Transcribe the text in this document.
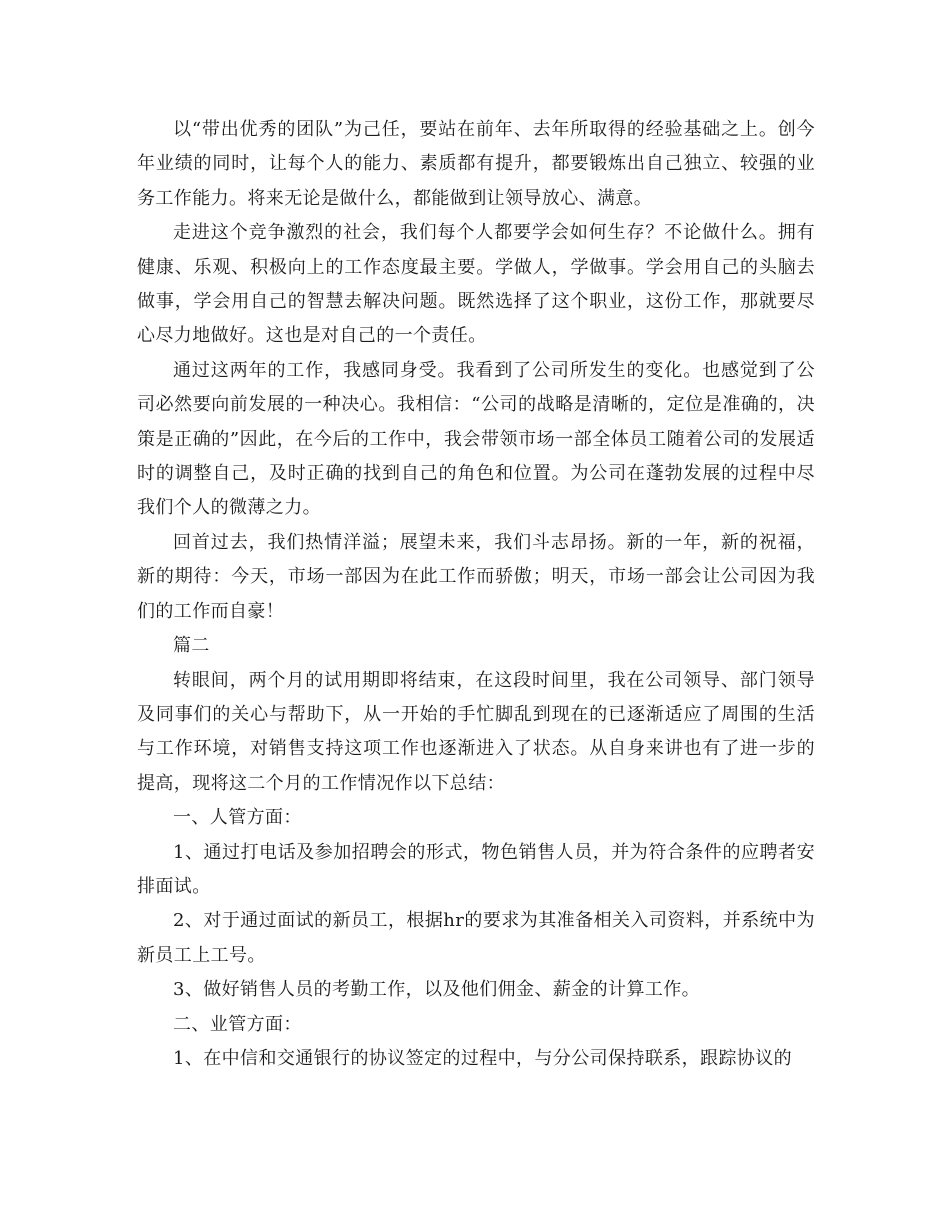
以“带出优秀的团队”为己任，要站在前年、去年所取得的经验基础之上。创今年业绩的同时，让每个人的能力、素质都有提升，都要锻炼出自己独立、较强的业务工作能力。将来无论是做什么，都能做到让领导放心、满意。

走进这个竞争激烈的社会，我们每个人都要学会如何生存？不论做什么。拥有健康、乐观、积极向上的工作态度最主要。学做人，学做事。学会用自己的头脑去做事，学会用自己的智慧去解决问题。既然选择了这个职业，这份工作，那就要尽心尽力地做好。这也是对自己的一个责任。

通过这两年的工作，我感同身受。我看到了公司所发生的变化。也感觉到了公司必然要向前发展的一种决心。我相信：“公司的战略是清晰的，定位是准确的，决策是正确的”因此，在今后的工作中，我会带领市场一部全体员工随着公司的发展适时的调整自己，及时正确的找到自己的角色和位置。为公司在蓬勃发展的过程中尽我们个人的微薄之力。

回首过去，我们热情洋溢；展望未来，我们斗志昂扬。新的一年，新的祝福，新的期待：今天，市场一部因为在此工作而骄傲；明天，市场一部会让公司因为我们的工作而自豪！

篇二

转眼间，两个月的试用期即将结束，在这段时间里，我在公司领导、部门领导及同事们的关心与帮助下，从一开始的手忙脚乱到现在的已逐渐适应了周围的生活与工作环境，对销售支持这项工作也逐渐进入了状态。从自身来讲也有了进一步的提高，现将这二个月的工作情况作以下总结：

一、人管方面：

1、通过打电话及参加招聘会的形式，物色销售人员，并为符合条件的应聘者安排面试。

2、对于通过面试的新员工，根据hr的要求为其准备相关入司资料，并系统中为新员工上工号。

3、做好销售人员的考勤工作，以及他们佣金、薪金的计算工作。

二、业管方面：

1、在中信和交通银行的协议签定的过程中，与分公司保持联系，跟踪协议的
